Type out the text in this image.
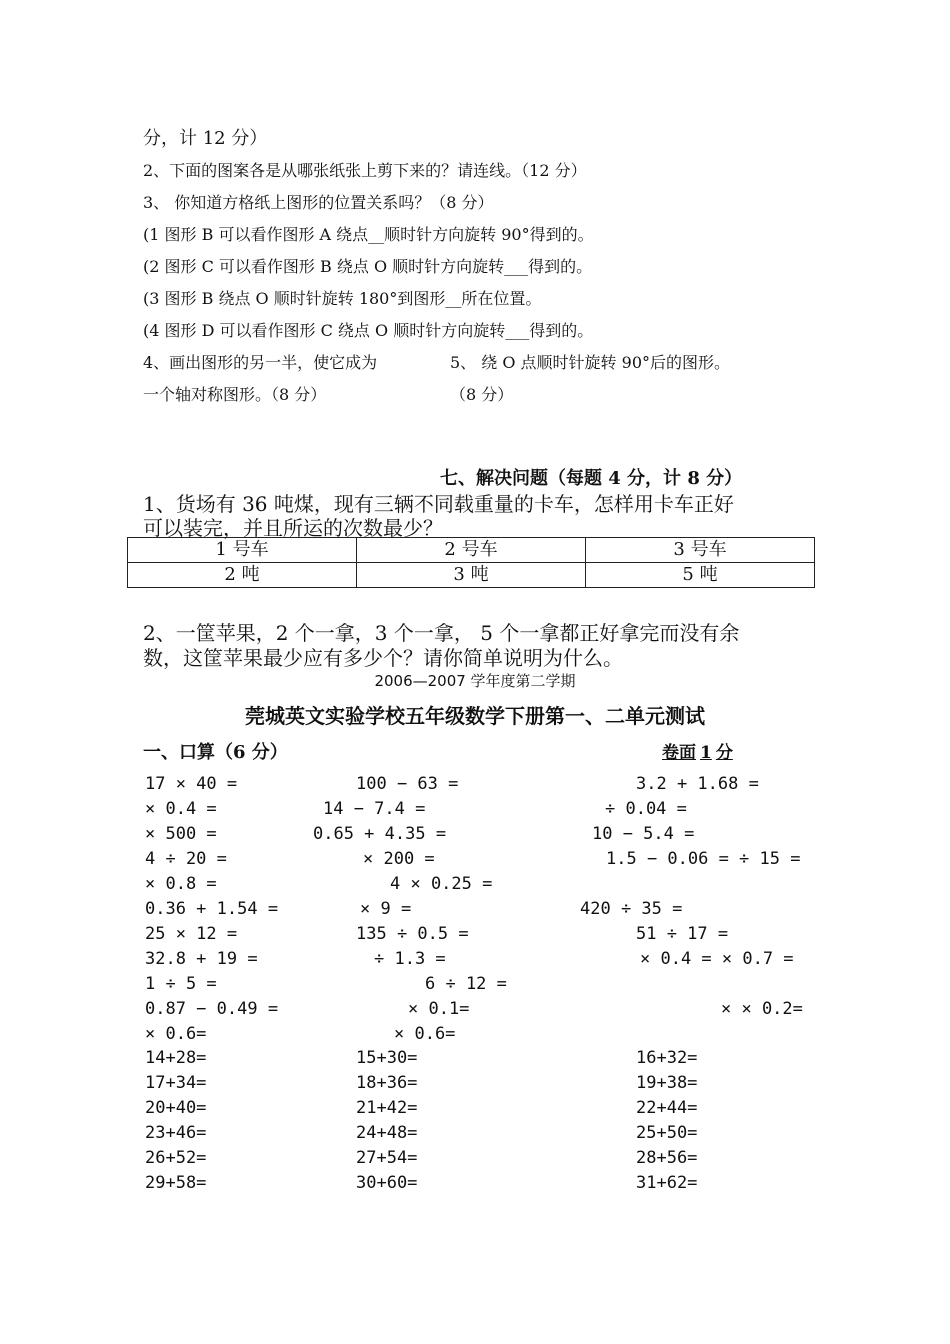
分，计 12 分）
2、下面的图案各是从哪张纸张上剪下来的？请连线。（12 分）
3、 你知道方格纸上图形的位置关系吗？（8 分）
(1 图形 B 可以看作图形 A 绕点__顺时针方向旋转 90°得到的。
(2 图形 C 可以看作图形 B 绕点 O 顺时针方向旋转___得到的。
(3 图形 B 绕点 O 顺时针旋转 180°到图形__所在位置。
(4 图形 D 可以看作图形 C 绕点 O 顺时针方向旋转___得到的。
4、画出图形的另一半，使它成为
一个轴对称图形。（8 分）
5、 绕 O 点顺时针旋转 90°后的图形。
（8 分）
七、解决问题（每题 4 分，计 8 分）
1、货场有 36 吨煤，现有三辆不同载重量的卡车，怎样用卡车正好
可以装完，并且所运的次数最少？
1 号车	2 号车	3 号车
2 吨	3 吨	5 吨
2、一筐苹果，2 个一拿，3 个一拿， 5 个一拿都正好拿完而没有余
数，这筐苹果最少应有多少个？请你简单说明为什么。
2006—2007 学年度第二学期
莞城英文实验学校五年级数学下册第一、二单元测试
一、口算（6 分）	卷面 1 分
17 × 40 =	100 − 63 =	3.2 + 1.68 =
× 0.4 =	14 − 7.4 =	÷ 0.04 =
× 500 =	0.65 + 4.35 =	10 − 5.4 =
4 ÷ 20 =	× 200 =	1.5 − 0.06 = ÷ 15 =
× 0.8 =	4 × 0.25 =
0.36 + 1.54 =	× 9 =	420 ÷ 35 =
25 × 12 =	135 ÷ 0.5 =	51 ÷ 17 =
32.8 + 19 =	÷ 1.3 =	× 0.4 = × 0.7 =
1 ÷ 5 =	6 ÷ 12 =
0.87 − 0.49 =	× 0.1=	× × 0.2=
× 0.6=	× 0.6=
14+28=	15+30=	16+32=
17+34=	18+36=	19+38=
20+40=	21+42=	22+44=
23+46=	24+48=	25+50=
26+52=	27+54=	28+56=
29+58=	30+60=	31+62=
